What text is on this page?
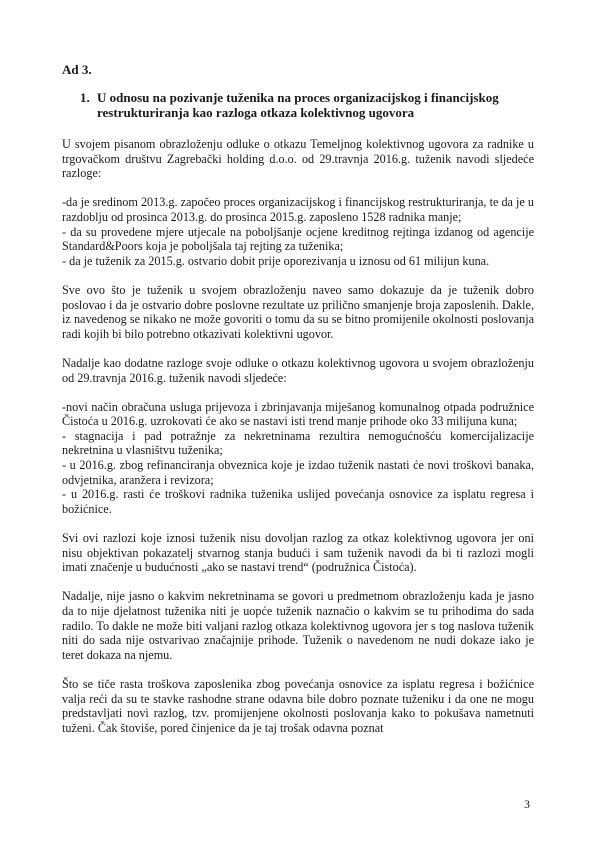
Ad 3.
1. U odnosu na pozivanje tuženika na proces organizacijskog i financijskog restrukturiranja kao razloga otkaza kolektivnog ugovora

U svojem pisanom obrazloženju odluke o otkazu Temeljnog kolektivnog ugovora za radnike u trgovačkom društvu Zagrebački holding d.o.o. od 29.travnja 2016.g. tuženik navodi sljedeće razloge:

-da je sredinom 2013.g. započeo proces organizacijskog i financijskog restrukturiranja, te da je u razdoblju od prosinca 2013.g. do prosinca 2015.g. zaposleno 1528 radnika manje;
- da su provedene mjere utjecale na poboljšanje ocjene kreditnog rejtinga izdanog od agencije Standard&Poors koja je poboljšala taj rejting za tuženika;
- da je tuženik za 2015.g. ostvario dobit prije oporezivanja u iznosu od 61 milijun kuna.

Sve ovo što je tuženik u svojem obrazloženju naveo samo dokazuje da je tuženik dobro poslovao i da je ostvario dobre poslovne rezultate uz prilično smanjenje broja zaposlenih. Dakle, iz navedenog se nikako ne može govoriti o tomu da su se bitno promijenile okolnosti poslovanja radi kojih bi bilo potrebno otkazivati kolektivni ugovor.

Nadalje kao dodatne razloge svoje odluke o otkazu kolektivnog ugovora u svojem obrazloženju od 29.travnja 2016.g. tuženik navodi sljedeće:

-novi način obračuna usluga prijevoza i zbrinjavanja miješanog komunalnog otpada podružnice Čistoća u 2016.g. uzrokovati će ako se nastavi isti trend manje prihode oko 33 milijuna kuna;
- stagnacija i pad potražnje za nekretninama rezultira nemogućnošću komercijalizacije nekretnina u vlasništvu tuženika;
- u 2016.g. zbog refinanciranja obveznica koje je izdao tuženik nastati će novi troškovi banaka, odvjetnika, aranžera i revizora;
- u 2016.g. rasti će troškovi radnika tuženika uslijed povećanja osnovice za isplatu regresa i božićnice.

Svi ovi razlozi koje iznosi tuženik nisu dovoljan razlog za otkaz kolektivnog ugovora jer oni nisu objektivan pokazatelj stvarnog stanja budući i sam tuženik navodi da bi ti razlozi mogli imati značenje u budućnosti „ako se nastavi trend“ (podružnica Čistoća).

Nadalje, nije jasno o kakvim nekretninama se govori u predmetnom obrazloženju kada je jasno da to nije djelatnost tuženika niti je uopće tuženik naznačio o kakvim se tu prihodima do sada radilo. To dakle ne može biti valjani razlog otkaza kolektivnog ugovora jer s tog naslova tuženik niti do sada nije ostvarivao značajnije prihode. Tuženik o navedenom ne nudi dokaze iako je teret dokaza na njemu.

Što se tiče rasta troškova zaposlenika zbog povećanja osnovice za isplatu regresa i božićnice valja reći da su te stavke rashodne strane odavna bile dobro poznate tuženiku i da one ne mogu predstavljati novi razlog, tzv. promijenjene okolnosti poslovanja kako to pokušava nametnuti tuženi. Čak štoviše, pored činjenice da je taj trošak odavna poznat

3
